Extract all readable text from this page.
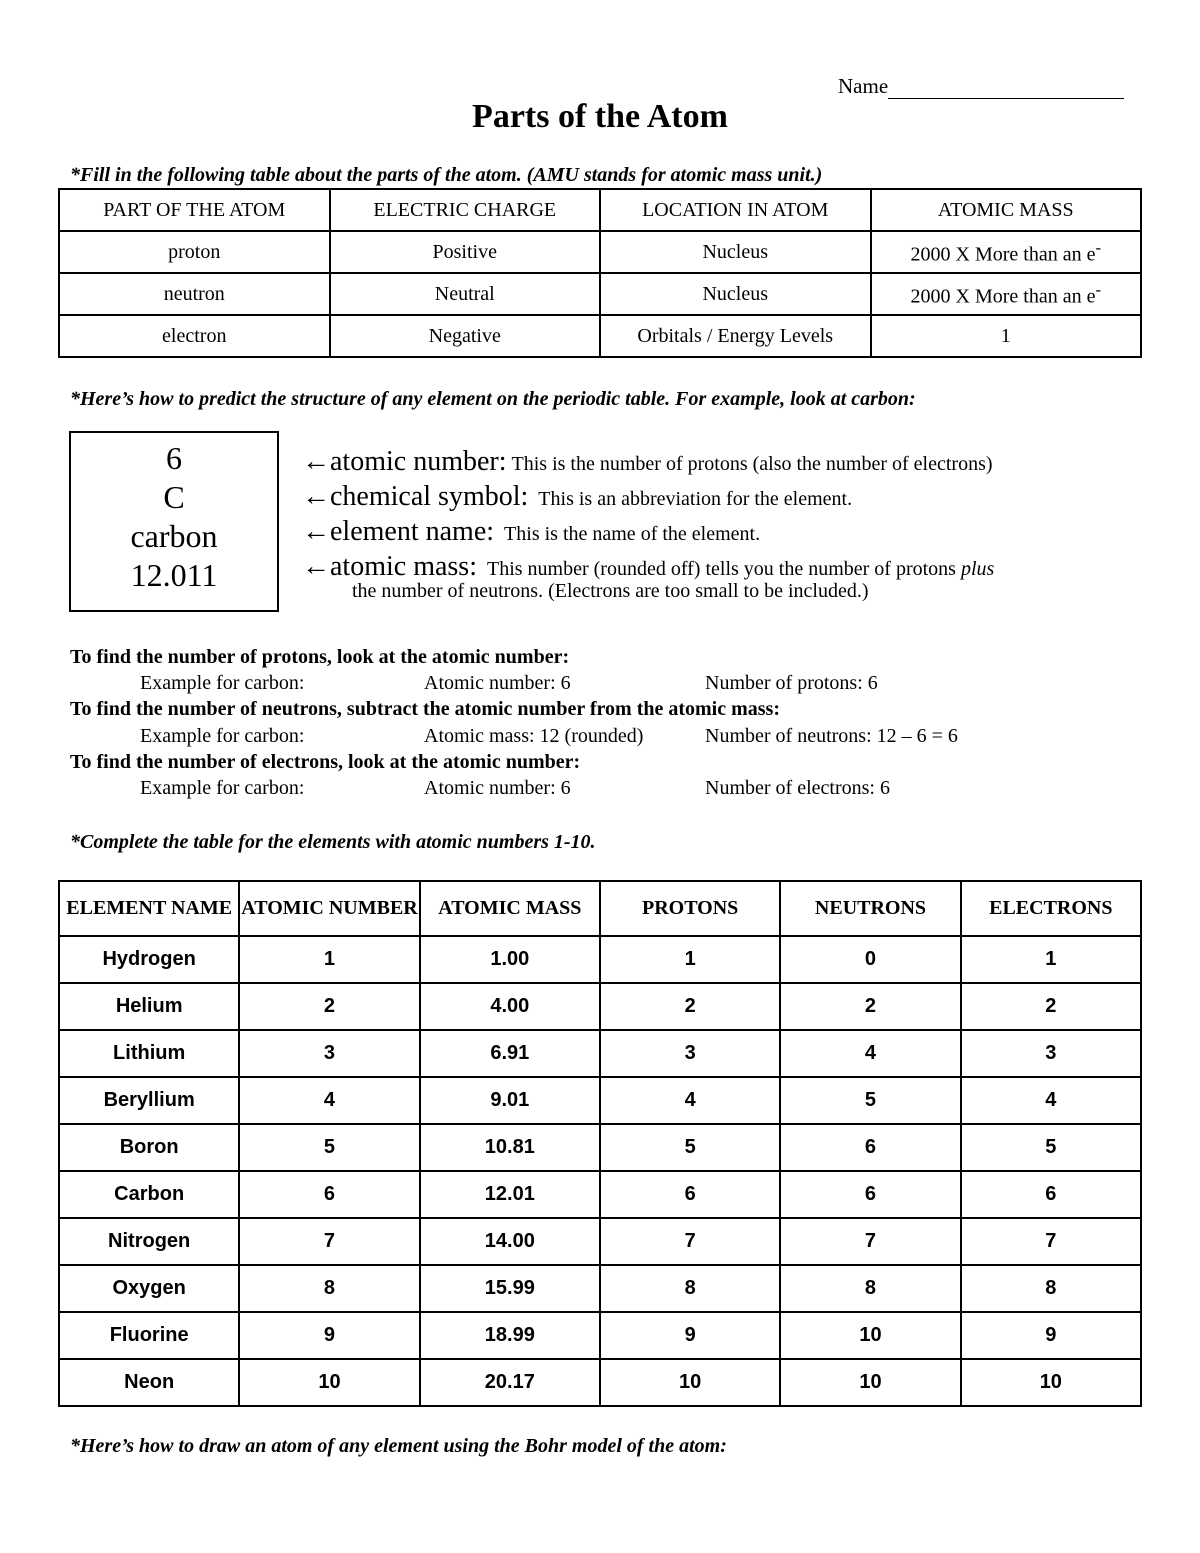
Name
Parts of the Atom
*Fill in the following table about the parts of the atom. (AMU stands for atomic mass unit.)
PART OF THE ATOM	ELECTRIC CHARGE	LOCATION IN ATOM	ATOMIC MASS
proton	Positive	Nucleus	2000 X More than an e-
neutron	Neutral	Nucleus	2000 X More than an e-
electron	Negative	Orbitals / Energy Levels	1
*Here’s how to predict the structure of any element on the periodic table. For example, look at carbon:
6
C
carbon
12.011
←atomic number: This is the number of protons (also the number of electrons)
←chemical symbol: This is an abbreviation for the element.
←element name: This is the name of the element.
←atomic mass: This number (rounded off) tells you the number of protons plus
the number of neutrons. (Electrons are too small to be included.)
To find the number of protons, look at the atomic number:
Example for carbon:	Atomic number: 6	Number of protons: 6
To find the number of neutrons, subtract the atomic number from the atomic mass:
Example for carbon:	Atomic mass: 12 (rounded)	Number of neutrons: 12 – 6 = 6
To find the number of electrons, look at the atomic number:
Example for carbon:	Atomic number: 6	Number of electrons: 6
*Complete the table for the elements with atomic numbers 1-10.
ELEMENT NAME	ATOMIC NUMBER	ATOMIC MASS	PROTONS	NEUTRONS	ELECTRONS
Hydrogen	1	1.00	1	0	1
Helium	2	4.00	2	2	2
Lithium	3	6.91	3	4	3
Beryllium	4	9.01	4	5	4
Boron	5	10.81	5	6	5
Carbon	6	12.01	6	6	6
Nitrogen	7	14.00	7	7	7
Oxygen	8	15.99	8	8	8
Fluorine	9	18.99	9	10	9
Neon	10	20.17	10	10	10
*Here’s how to draw an atom of any element using the Bohr model of the atom:
